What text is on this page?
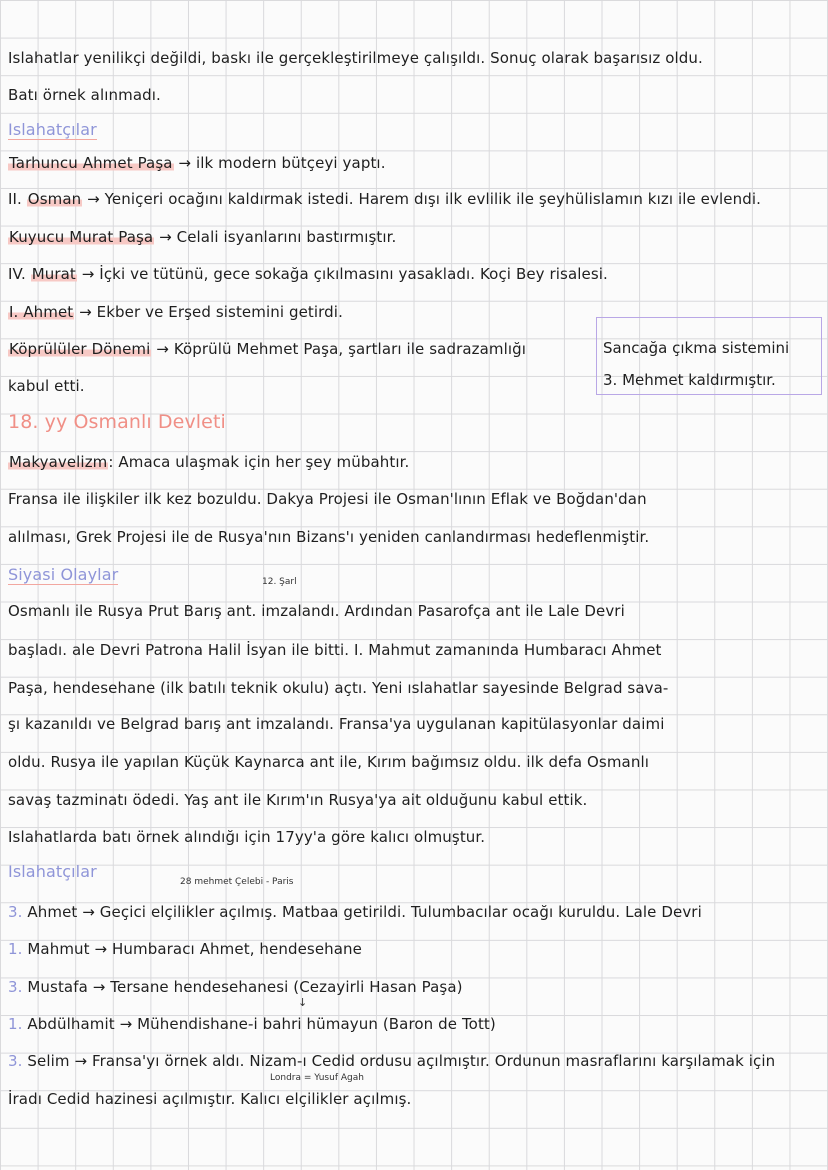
Islahatlar yenilikçi değildi, baskı ile gerçekleştirilmeye çalışıldı. Sonuç olarak başarısız oldu.
Batı örnek alınmadı.
Islahatçılar
Tarhuncu Ahmet Paşa → ilk modern bütçeyi yaptı.
II. Osman → Yeniçeri ocağını kaldırmak istedi. Harem dışı ilk evlilik ile şeyhülislamın kızı ile evlendi.
Kuyucu Murat Paşa → Celali isyanlarını bastırmıştır.
IV. Murat → İçki ve tütünü, gece sokağa çıkılmasını yasakladı. Koçi Bey risalesi.
I. Ahmet → Ekber ve Erşed sistemini getirdi.
Köprülüler Dönemi → Köprülü Mehmet Paşa, şartları ile sadrazamlığı
kabul etti.
Sancağa çıkma sistemini
3. Mehmet kaldırmıştır.
18. yy Osmanlı Devleti
Makyavelizm: Amaca ulaşmak için her şey mübahtır.
Fransa ile ilişkiler ilk kez bozuldu. Dakya Projesi ile Osman'lının Eflak ve Boğdan'dan
alılması, Grek Projesi ile de Rusya'nın Bizans'ı yeniden canlandırması hedeflenmiştir.
Siyasi Olaylar	12. Şarl
Osmanlı ile Rusya Prut Barış ant. imzalandı. Ardından Pasarofça ant ile Lale Devri
başladı. ale Devri Patrona Halil İsyan ile bitti. I. Mahmut zamanında Humbaracı Ahmet
Paşa, hendesehane (ilk batılı teknik okulu) açtı. Yeni ıslahatlar sayesinde Belgrad sava-
şı kazanıldı ve Belgrad barış ant imzalandı. Fransa'ya uygulanan kapitülasyonlar daimi
oldu. Rusya ile yapılan Küçük Kaynarca ant ile, Kırım bağımsız oldu. ilk defa Osmanlı
savaş tazminatı ödedi. Yaş ant ile Kırım'ın Rusya'ya ait olduğunu kabul ettik.
Islahatlarda batı örnek alındığı için 17yy'a göre kalıcı olmuştur.
Islahatçılar
28 mehmet Çelebi - Paris
3. Ahmet → Geçici elçilikler açılmış. Matbaa getirildi. Tulumbacılar ocağı kuruldu. Lale Devri
1. Mahmut → Humbaracı Ahmet, hendesehane
3. Mustafa → Tersane hendesehanesi (Cezayirli Hasan Paşa)
↓
1. Abdülhamit → Mühendishane-i bahri hümayun (Baron de Tott)
3. Selim → Fransa'yı örnek aldı. Nizam-ı Cedid ordusu açılmıştır. Ordunun masraflarını karşılamak için
Londra = Yusuf Agah
İradı Cedid hazinesi açılmıştır. Kalıcı elçilikler açılmış.
